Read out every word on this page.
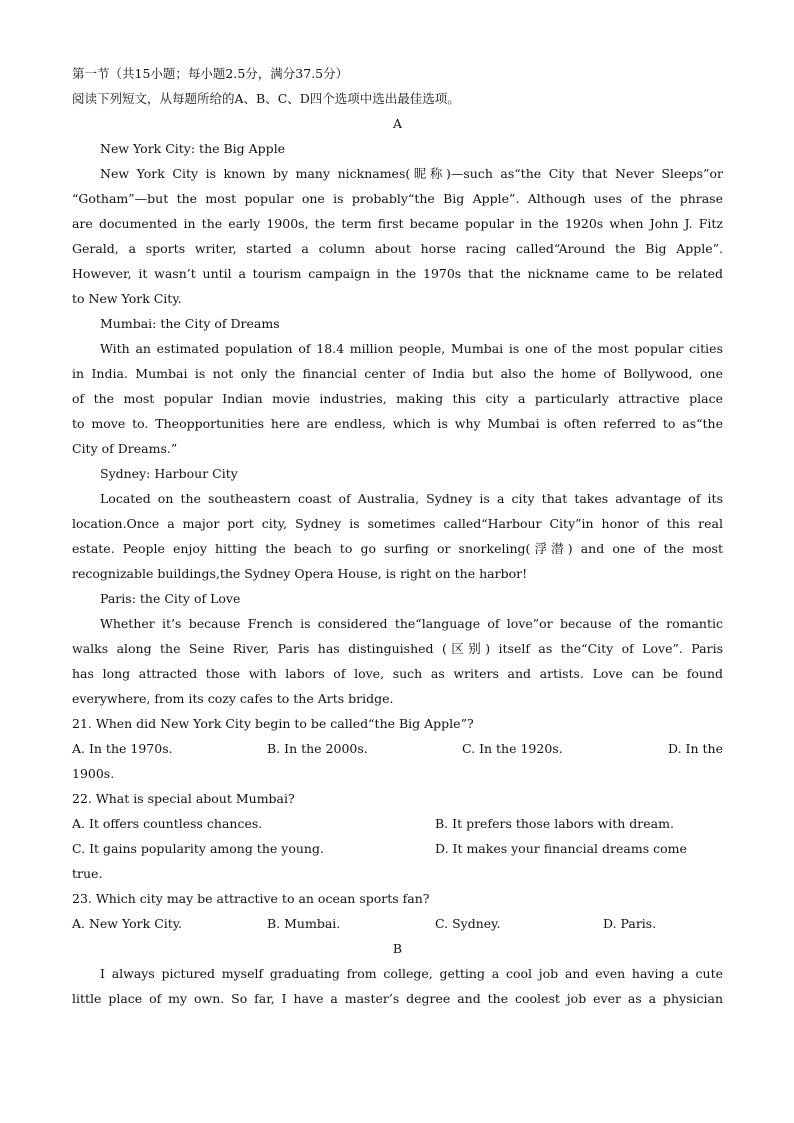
第一节（共15小题；每小题2.5分，满分37.5分）
阅读下列短文，从每题所给的A、B、C、D四个选项中选出最佳选项。
A
New York City: the Big Apple
New York City is known by many nicknames(昵称)—such as“the City that Never Sleeps”or
“Gotham”—but the most popular one is probably“the Big Apple”. Although uses of the phrase
are documented in the early 1900s, the term first became popular in the 1920s when John J. Fitz
Gerald, a sports writer, started a column about horse racing called“Around the Big Apple”.
However, it wasn’t until a tourism campaign in the 1970s that the nickname came to be related
to New York City.
Mumbai: the City of Dreams
With an estimated population of 18.4 million people, Mumbai is one of the most popular cities
in India. Mumbai is not only the financial center of India but also the home of Bollywood, one
of the most popular Indian movie industries, making this city a particularly attractive place
to move to. Theopportunities here are endless, which is why Mumbai is often referred to as“the
City of Dreams.”
Sydney: Harbour City
Located on the southeastern coast of Australia, Sydney is a city that takes advantage of its
location.Once a major port city, Sydney is sometimes called“Harbour City”in honor of this real
estate. People enjoy hitting the beach to go surfing or snorkeling(浮潜) and one of the most
recognizable buildings,the Sydney Opera House, is right on the harbor!
Paris: the City of Love
Whether it’s because French is considered the“language of love”or because of the romantic
walks along the Seine River, Paris has distinguished (区别) itself as the“City of Love”. Paris
has long attracted those with labors of love, such as writers and artists. Love can be found
everywhere, from its cozy cafes to the Arts bridge.
21. When did New York City begin to be called“the Big Apple”?
A. In the 1970s.	B. In the 2000s.	C. In the 1920s.	D. In the
1900s.
22. What is special about Mumbai?
A. It offers countless chances.	B. It prefers those labors with dream.
C. It gains popularity among the young.	D. It makes your financial dreams come
true.
23. Which city may be attractive to an ocean sports fan?
A. New York City.	B. Mumbai.	C. Sydney.	D. Paris.
B
I always pictured myself graduating from college, getting a cool job and even having a cute
little place of my own. So far, I have a master’s degree and the coolest job ever as a physician
